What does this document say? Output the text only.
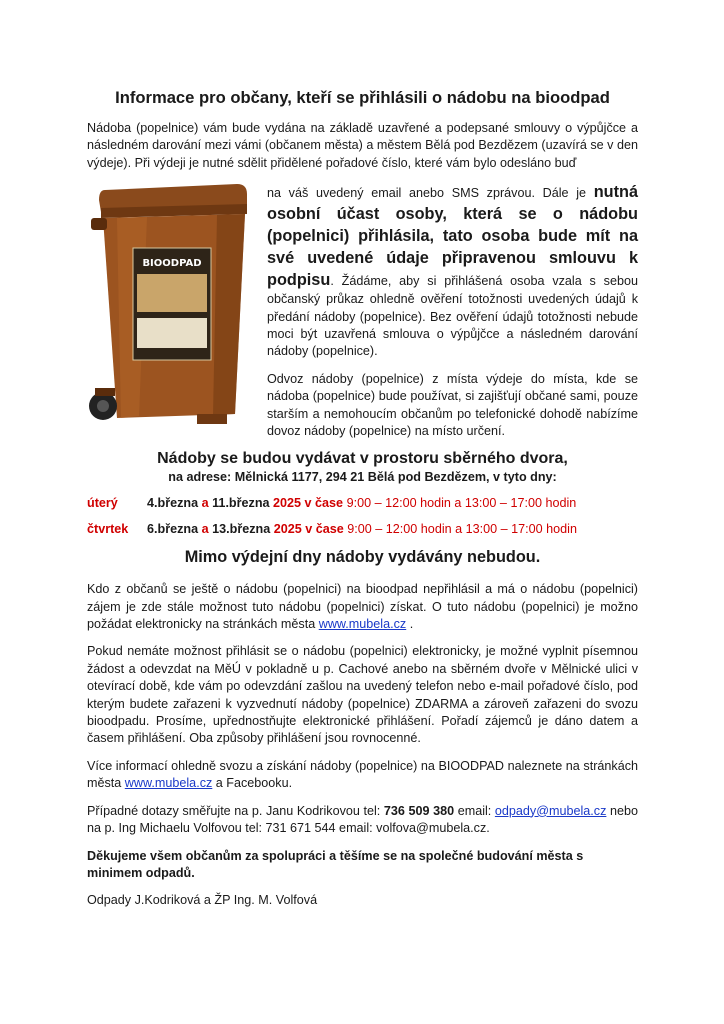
Informace pro občany, kteří se přihlásili o nádobu na bioodpad

Nádoba (popelnice) vám bude vydána na základě uzavřené a podepsané smlouvy o výpůjčce a následném darování mezi vámi (občanem města) a městem Bělá pod Bezdězem (uzavírá se v den výdeje). Při výdeji je nutné sdělit přidělené pořadové číslo, které vám bylo odesláno buď

BIOODPAD

na váš uvedený email anebo SMS zprávou. Dále je nutná osobní účast osoby, která se o nádobu (popelnici) přihlásila, tato osoba bude mít na své uvedené údaje připravenou smlouvu k podpisu. Žádáme, aby si přihlášená osoba vzala s sebou občanský průkaz ohledně ověření totožnosti uvedených údajů k předání nádoby (popelnice). Bez ověření údajů totožnosti nebude moci být uzavřená smlouva o výpůjčce a následném darování nádoby (popelnice).

Odvoz nádoby (popelnice) z místa výdeje do místa, kde se nádoba (popelnice) bude používat, si zajišťují občané sami, pouze starším a nemohoucím občanům po telefonické dohodě nabízíme dovoz nádoby (popelnice) na místo určení.

Nádoby se budou vydávat v prostoru sběrného dvora,
na adrese: Mělnická 1177, 294 21 Bělá pod Bezdězem, v tyto dny:
úterý	4.března a 11.března 2025 v čase 9:00 – 12:00 hodin a 13:00 – 17:00 hodin
čtvrtek	6.března a 13.března 2025 v čase 9:00 – 12:00 hodin a 13:00 – 17:00 hodin
Mimo výdejní dny nádoby vydávány nebudou.

Kdo z občanů se ještě o nádobu (popelnici) na bioodpad nepřihlásil a má o nádobu (popelnici) zájem je zde stále možnost tuto nádobu (popelnici) získat. O tuto nádobu (popelnici) je možno požádat elektronicky na stránkách města www.mubela.cz .

Pokud nemáte možnost přihlásit se o nádobu (popelnici) elektronicky, je možné vyplnit písemnou žádost a odevzdat na MěÚ v pokladně u p. Cachové anebo na sběrném dvoře v Mělnické ulici v otevírací době, kde vám po odevzdání zašlou na uvedený telefon nebo e-mail pořadové číslo, pod kterým budete zařazeni k vyzvednutí nádoby (popelnice) ZDARMA a zároveň zařazeni do svozu bioodpadu. Prosíme, upřednostňujte elektronické přihlášení. Pořadí zájemců je dáno datem a časem přihlášení. Oba způsoby přihlášení jsou rovnocenné.

Více informací ohledně svozu a získání nádoby (popelnice) na BIOODPAD naleznete na stránkách města www.mubela.cz a Facebooku.

Případné dotazy směřujte na p. Janu Kodrikovou tel: 736 509 380 email: odpady@mubela.cz nebo na p. Ing Michaelu Volfovou tel: 731 671 544 email: volfova@mubela.cz.

Děkujeme všem občanům za spolupráci a těšíme se na společné budování města s minimem odpadů.

Odpady J.Kodriková a ŽP Ing. M. Volfová
